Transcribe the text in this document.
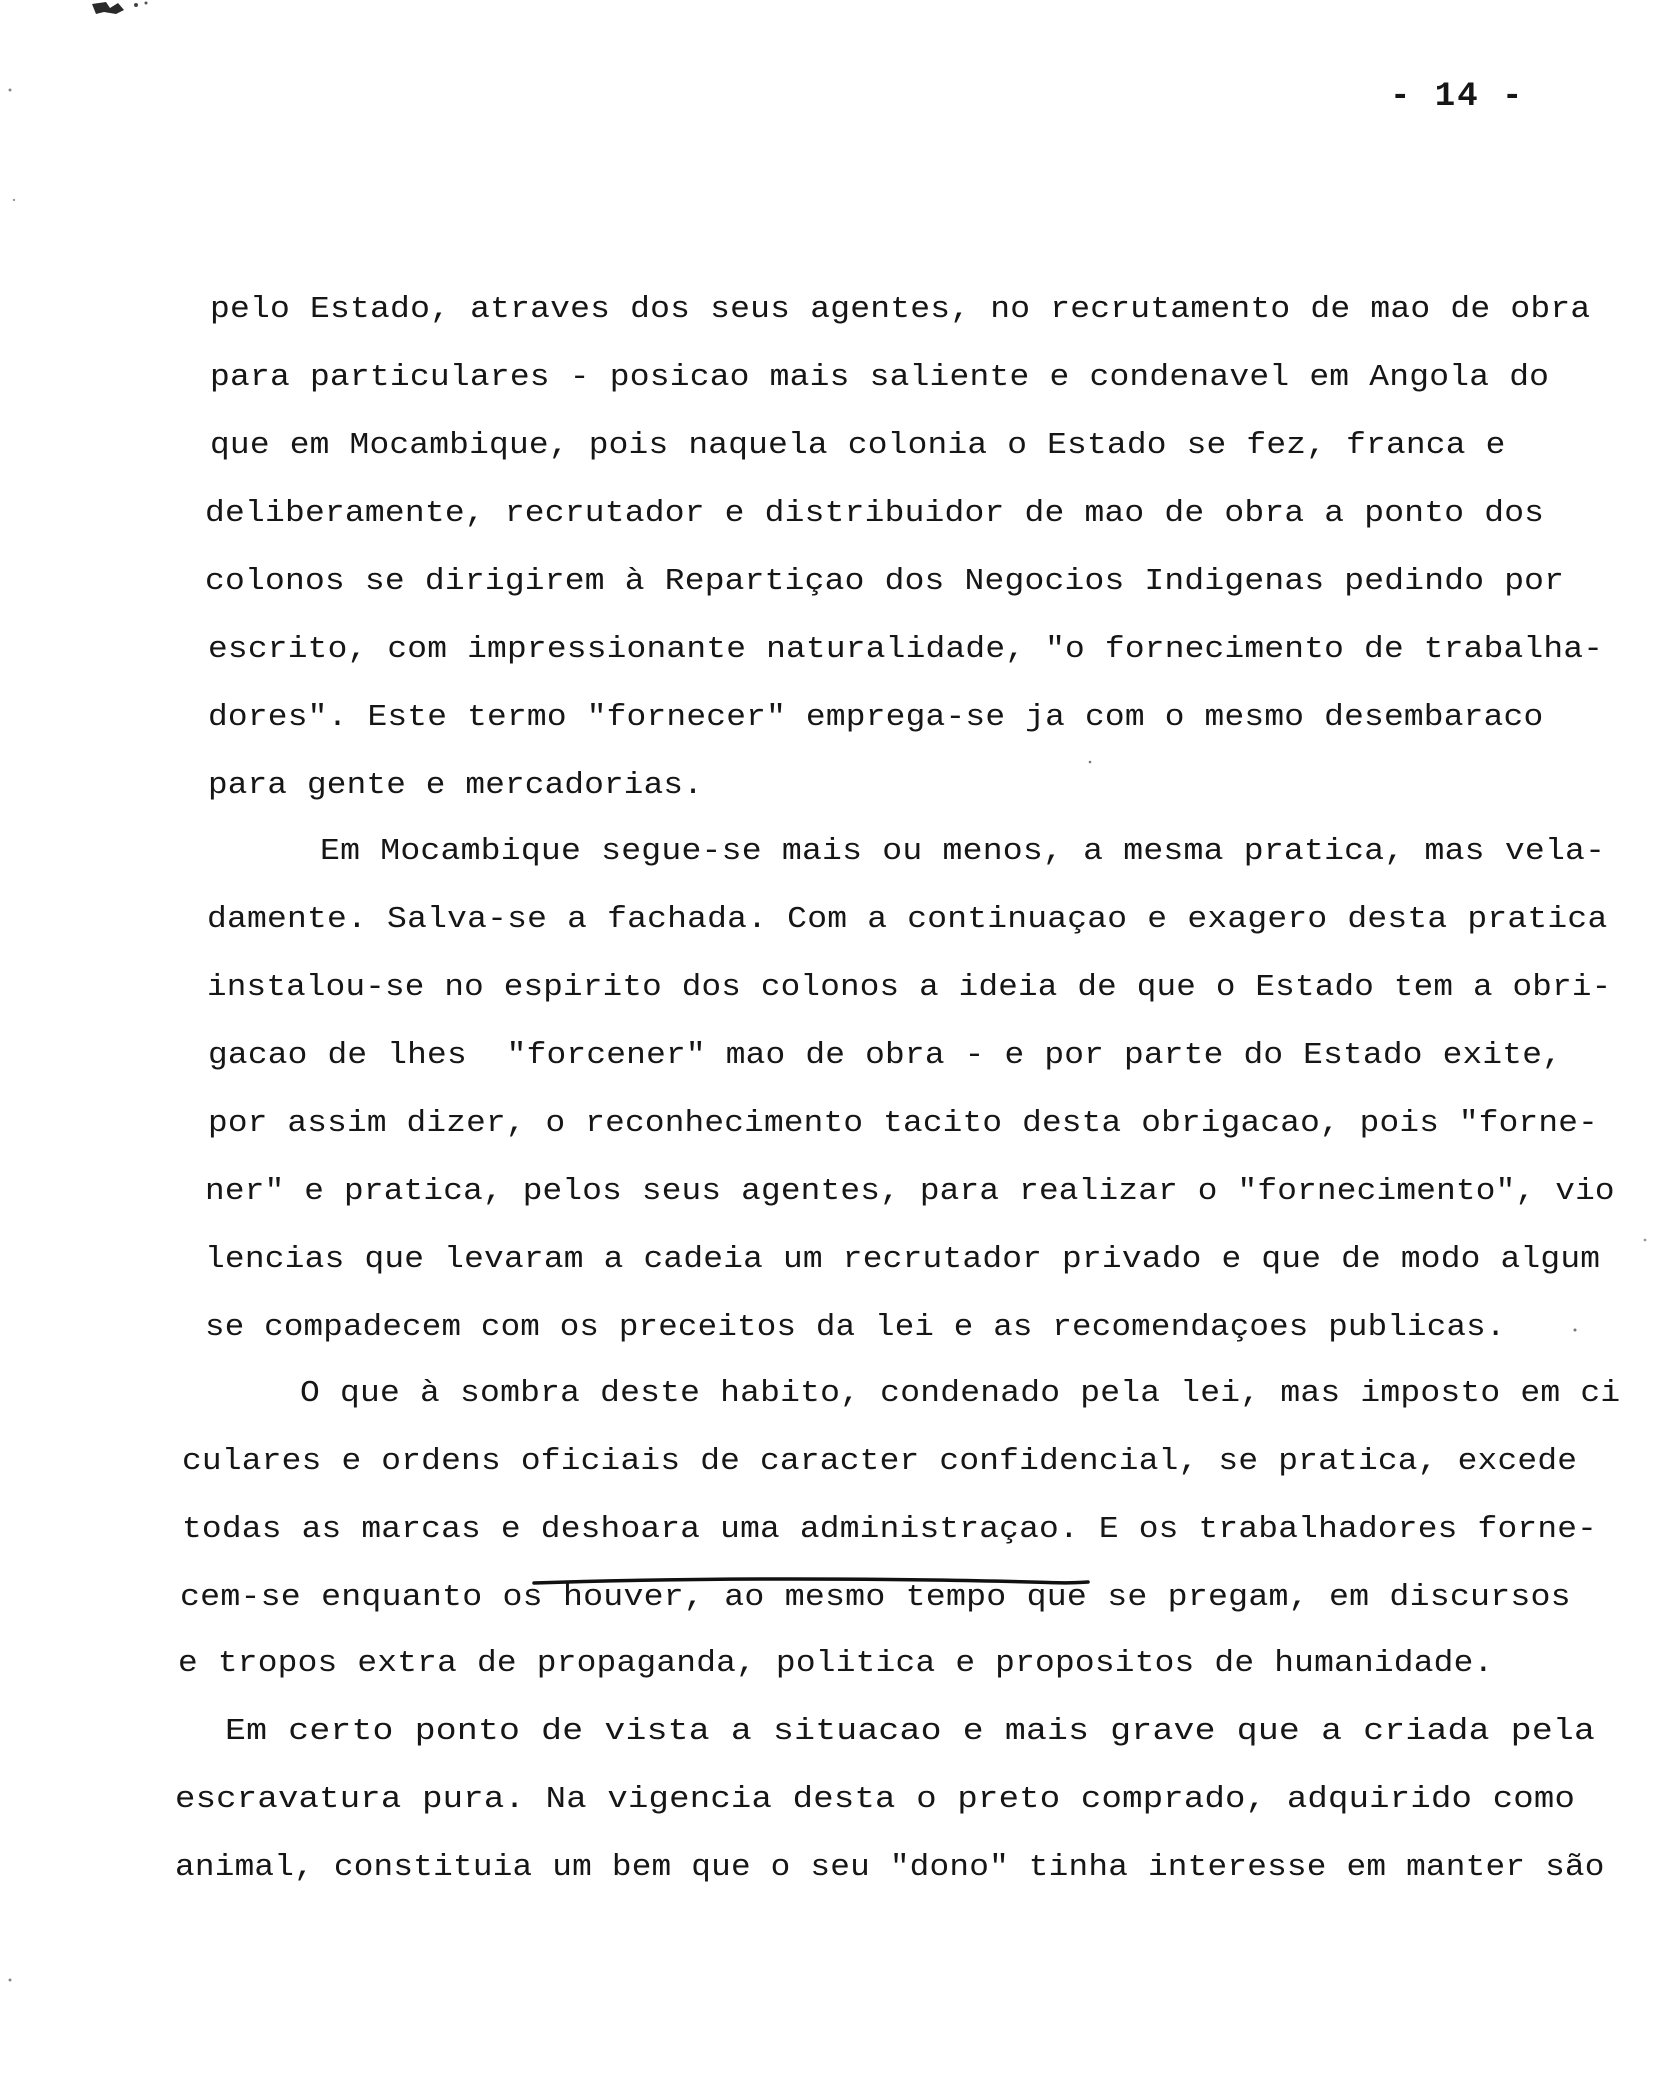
- 14 -
pelo Estado, atraves dos seus agentes, no recrutamento de mao de obra
para particulares - posicao mais saliente e condenavel em Angola do
que em Mocambique, pois naquela colonia o Estado se fez, franca e
deliberamente, recrutador e distribuidor de mao de obra a ponto dos
colonos se dirigirem à Repartiçao dos Negocios Indigenas pedindo por
escrito, com impressionante naturalidade, "o fornecimento de trabalha-
dores". Este termo "fornecer" emprega-se ja com o mesmo desembaraco
para gente e mercadorias.
Em Mocambique segue-se mais ou menos, a mesma pratica, mas vela-
damente. Salva-se a fachada. Com a continuaçao e exagero desta pratica
instalou-se no espirito dos colonos a ideia de que o Estado tem a obri-
gacao de lhes  "forcener" mao de obra - e por parte do Estado exite,
por assim dizer, o reconhecimento tacito desta obrigacao, pois "forne-
ner" e pratica, pelos seus agentes, para realizar o "fornecimento", vio
lencias que levaram a cadeia um recrutador privado e que de modo algum
se compadecem com os preceitos da lei e as recomendaçoes publicas.
O que à sombra deste habito, condenado pela lei, mas imposto em ci
culares e ordens oficiais de caracter confidencial, se pratica, excede
todas as marcas e deshoara uma administraçao. E os trabalhadores forne-
cem-se enquanto os houver, ao mesmo tempo que se pregam, em discursos
e tropos extra de propaganda, politica e propositos de humanidade.
Em certo ponto de vista a situacao e mais grave que a criada pela
escravatura pura. Na vigencia desta o preto comprado, adquirido como
animal, constituia um bem que o seu "dono" tinha interesse em manter são
